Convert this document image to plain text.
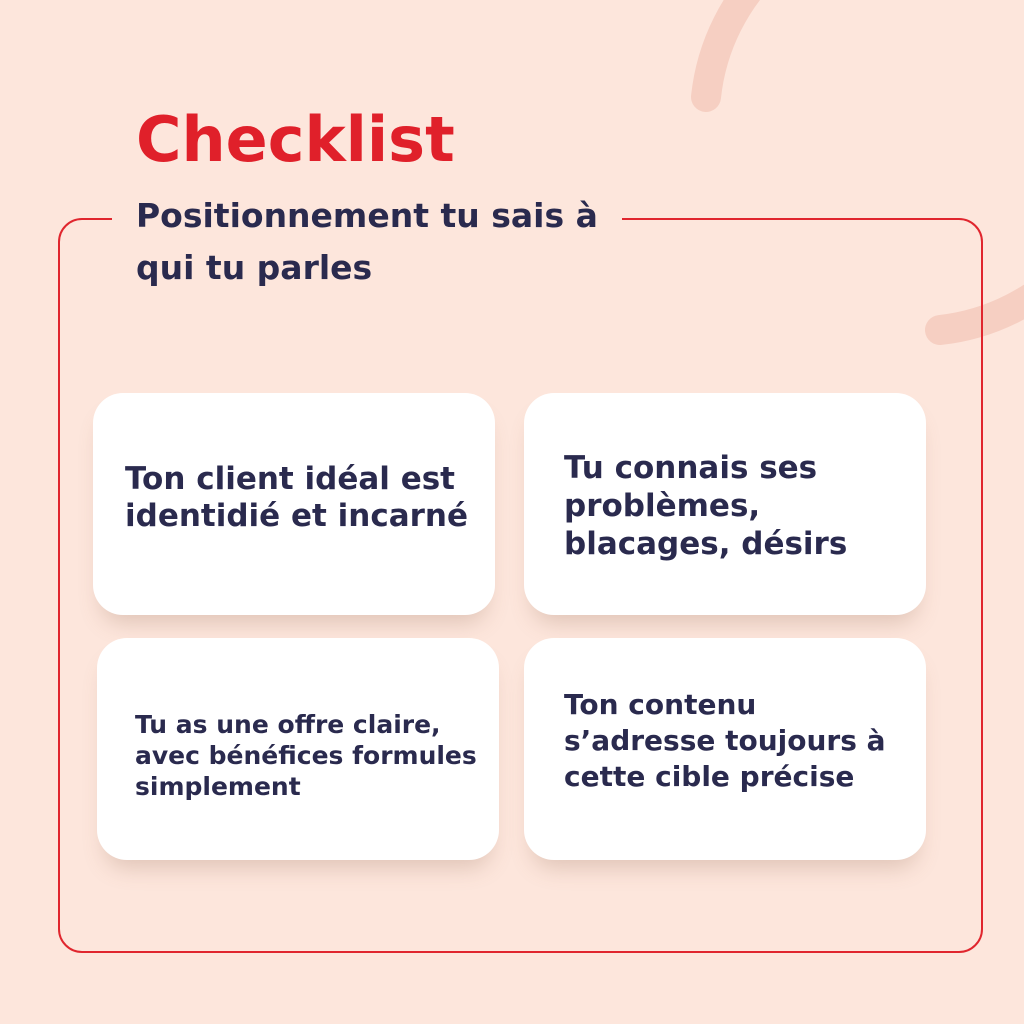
Checklist
Positionnement tu sais à qui tu parles
Ton client idéal est identidié et incarné
Tu connais ses problèmes, blacages, désirs
Tu as une offre claire, avec bénéfices formules simplement
Ton contenu s’adresse toujours à cette cible précise
